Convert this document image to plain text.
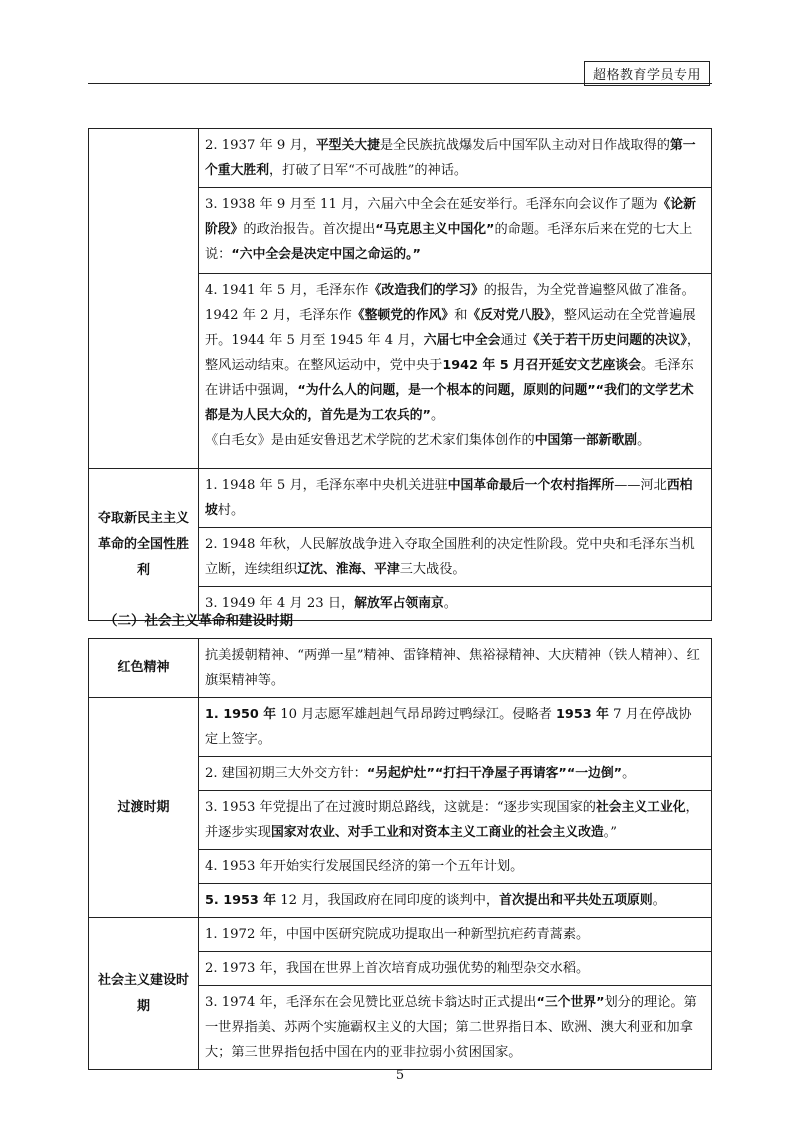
超格教育学员专用
	2. 1937 年 9 月，平型关大捷是全民族抗战爆发后中国军队主动对日作战取得的第一个重大胜利，打破了日军“不可战胜”的神话。
	3. 1938 年 9 月至 11 月，六届六中全会在延安举行。毛泽东向会议作了题为《论新阶段》的政治报告。首次提出“马克思主义中国化”的命题。毛泽东后来在党的七大上说：“六中全会是决定中国之命运的。”
	4. 1941 年 5 月，毛泽东作《改造我们的学习》的报告，为全党普遍整风做了准备。1942 年 2 月，毛泽东作《整顿党的作风》和《反对党八股》，整风运动在全党普遍展开。1944 年 5 月至 1945 年 4 月，六届七中全会通过《关于若干历史问题的决议》，整风运动结束。在整风运动中，党中央于1942 年 5 月召开延安文艺座谈会。毛泽东在讲话中强调，“为什么人的问题，是一个根本的问题，原则的问题”“我们的文学艺术都是为人民大众的，首先是为工农兵的”。
《白毛女》是由延安鲁迅艺术学院的艺术家们集体创作的中国第一部新歌剧。
夺取新民主主义革命的全国性胜利	1. 1948 年 5 月，毛泽东率中央机关进驻中国革命最后一个农村指挥所——河北西柏坡村。
	2. 1948 年秋，人民解放战争进入夺取全国胜利的决定性阶段。党中央和毛泽东当机立断，连续组织辽沈、淮海、平津三大战役。
	3. 1949 年 4 月 23 日，解放军占领南京。
（二）社会主义革命和建设时期
红色精神	抗美援朝精神、“两弹一星”精神、雷锋精神、焦裕禄精神、大庆精神（铁人精神）、红旗渠精神等。
过渡时期	1. 1950 年 10 月志愿军雄赳赳气昂昂跨过鸭绿江。侵略者 1953 年 7 月在停战协定上签字。
	2. 建国初期三大外交方针：“另起炉灶”“打扫干净屋子再请客”“一边倒”。
	3. 1953 年党提出了在过渡时期总路线，这就是：“逐步实现国家的社会主义工业化，并逐步实现国家对农业、对手工业和对资本主义工商业的社会主义改造。”
	4. 1953 年开始实行发展国民经济的第一个五年计划。
	5. 1953 年 12 月，我国政府在同印度的谈判中，首次提出和平共处五项原则。
社会主义建设时期	1. 1972 年，中国中医研究院成功提取出一种新型抗疟药青蒿素。
	2. 1973 年，我国在世界上首次培育成功强优势的籼型杂交水稻。
	3. 1974 年，毛泽东在会见赞比亚总统卡翁达时正式提出“三个世界”划分的理论。第一世界指美、苏两个实施霸权主义的大国；第二世界指日本、欧洲、澳大利亚和加拿大；第三世界指包括中国在内的亚非拉弱小贫困国家。
5
